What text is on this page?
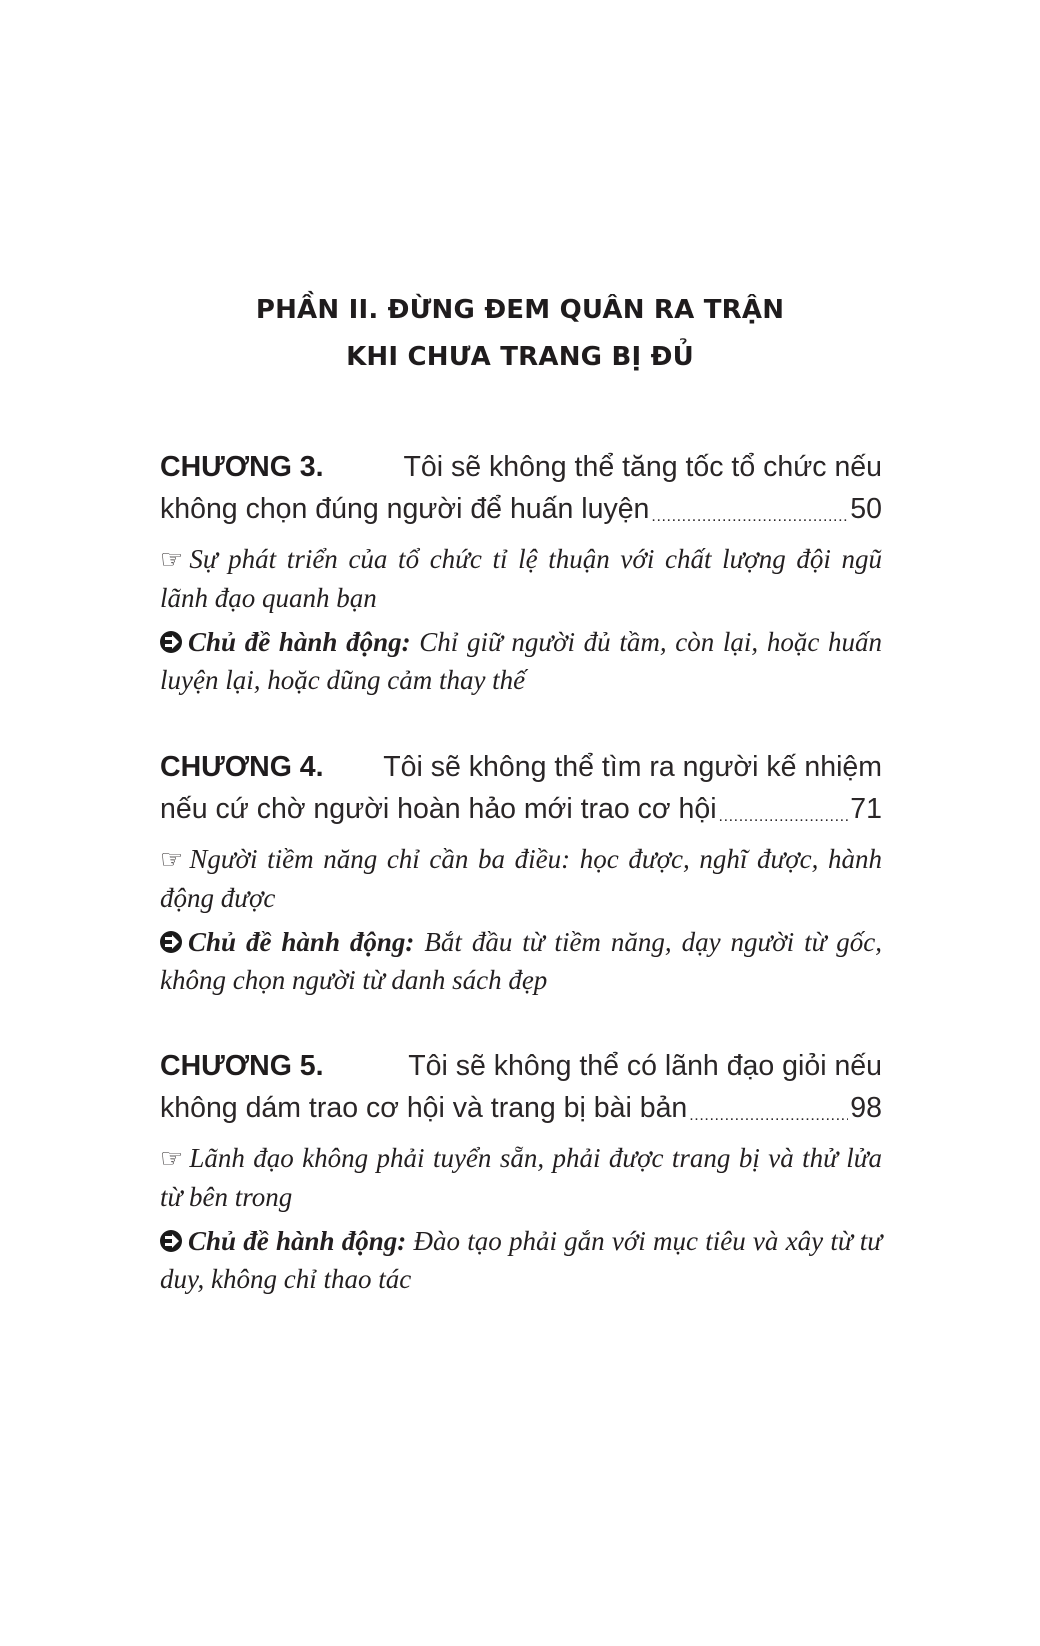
PHẦN II. ĐỪNG ĐEM QUÂN RA TRẬN
KHI CHƯA TRANG BỊ ĐỦ
CHƯƠNG 3.	Tôi sẽ không thể tăng tốc tổ chức nếu
không chọn đúng người để huấn luyện .....	50
☞ Sự phát triển của tổ chức tỉ lệ thuận với chất lượng đội ngũ lãnh đạo quanh bạn
Chủ đề hành động: Chỉ giữ người đủ tầm, còn lại, hoặc huấn luyện lại, hoặc dũng cảm thay thế
CHƯƠNG 4. Tôi sẽ không thể tìm ra người kế nhiệm
nếu cứ chờ người hoàn hảo mới trao cơ hội .....	71
☞ Người tiềm năng chỉ cần ba điều: học được, nghĩ được, hành động được
Chủ đề hành động: Bắt đầu từ tiềm năng, dạy người từ gốc, không chọn người từ danh sách đẹp
CHƯƠNG 5.	Tôi sẽ không thể có lãnh đạo giỏi nếu
không dám trao cơ hội và trang bị bài bản .....	98
☞ Lãnh đạo không phải tuyển sẵn, phải được trang bị và thử lửa từ bên trong
Chủ đề hành động: Đào tạo phải gắn với mục tiêu và xây từ tư duy, không chỉ thao tác
